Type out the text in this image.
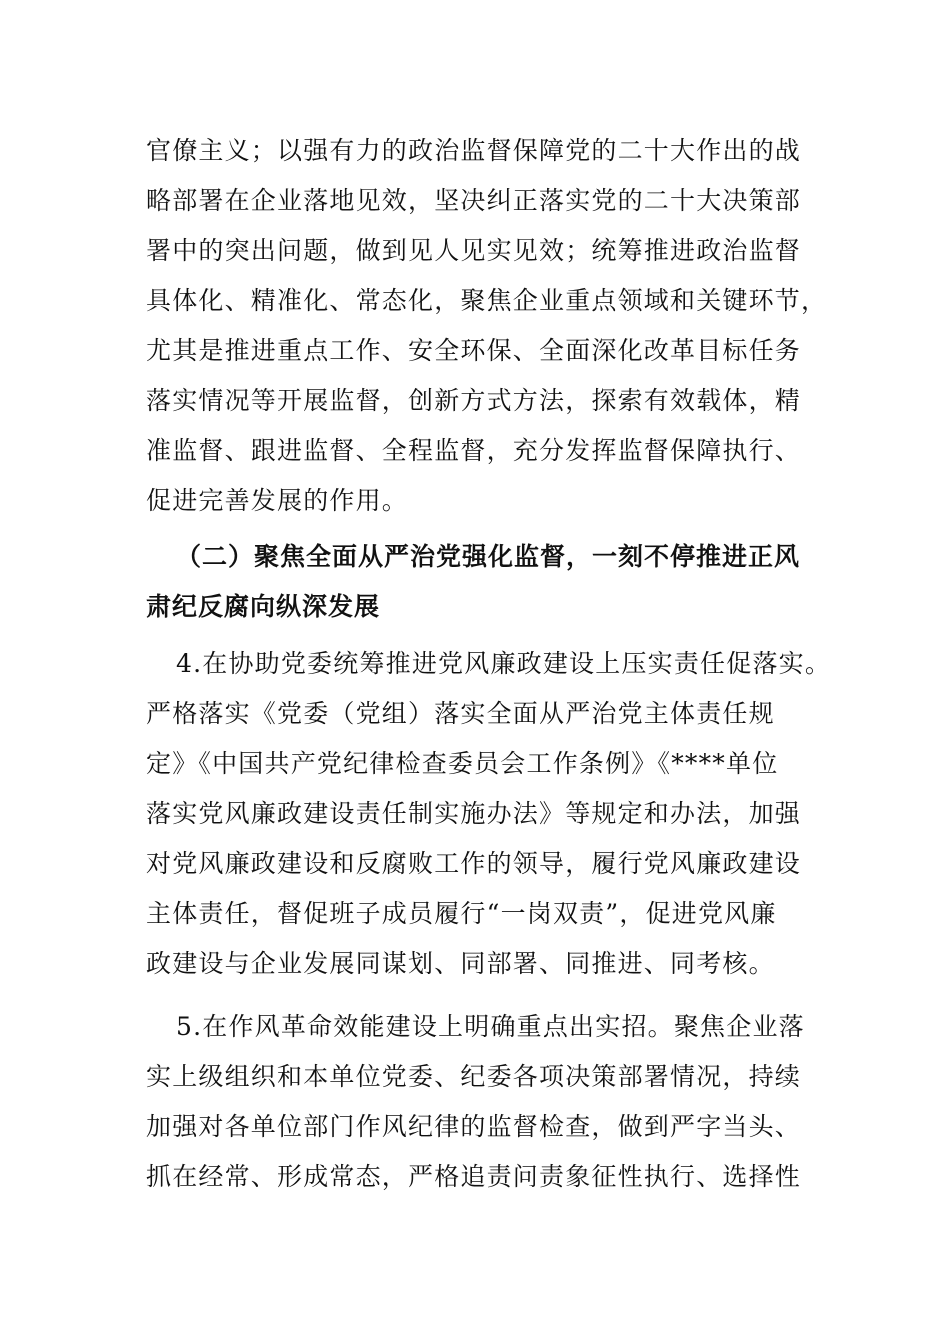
官僚主义；以强有力的政治监督保障党的二十大作出的战
略部署在企业落地见效，坚决纠正落实党的二十大决策部
署中的突出问题，做到见人见实见效；统筹推进政治监督
具体化、精准化、常态化，聚焦企业重点领域和关键环节，
尤其是推进重点工作、安全环保、全面深化改革目标任务
落实情况等开展监督，创新方式方法，探索有效载体，精
准监督、跟进监督、全程监督，充分发挥监督保障执行、
促进完善发展的作用。
（二）聚焦全面从严治党强化监督，一刻不停推进正风
肃纪反腐向纵深发展
4.在协助党委统筹推进党风廉政建设上压实责任促落实。
严格落实《党委（党组）落实全面从严治党主体责任规
定》《中国共产党纪律检查委员会工作条例》《****单位
落实党风廉政建设责任制实施办法》等规定和办法，加强
对党风廉政建设和反腐败工作的领导，履行党风廉政建设
主体责任，督促班子成员履行“一岗双责”，促进党风廉
政建设与企业发展同谋划、同部署、同推进、同考核。
5.在作风革命效能建设上明确重点出实招。聚焦企业落
实上级组织和本单位党委、纪委各项决策部署情况，持续
加强对各单位部门作风纪律的监督检查，做到严字当头、
抓在经常、形成常态，严格追责问责象征性执行、选择性
